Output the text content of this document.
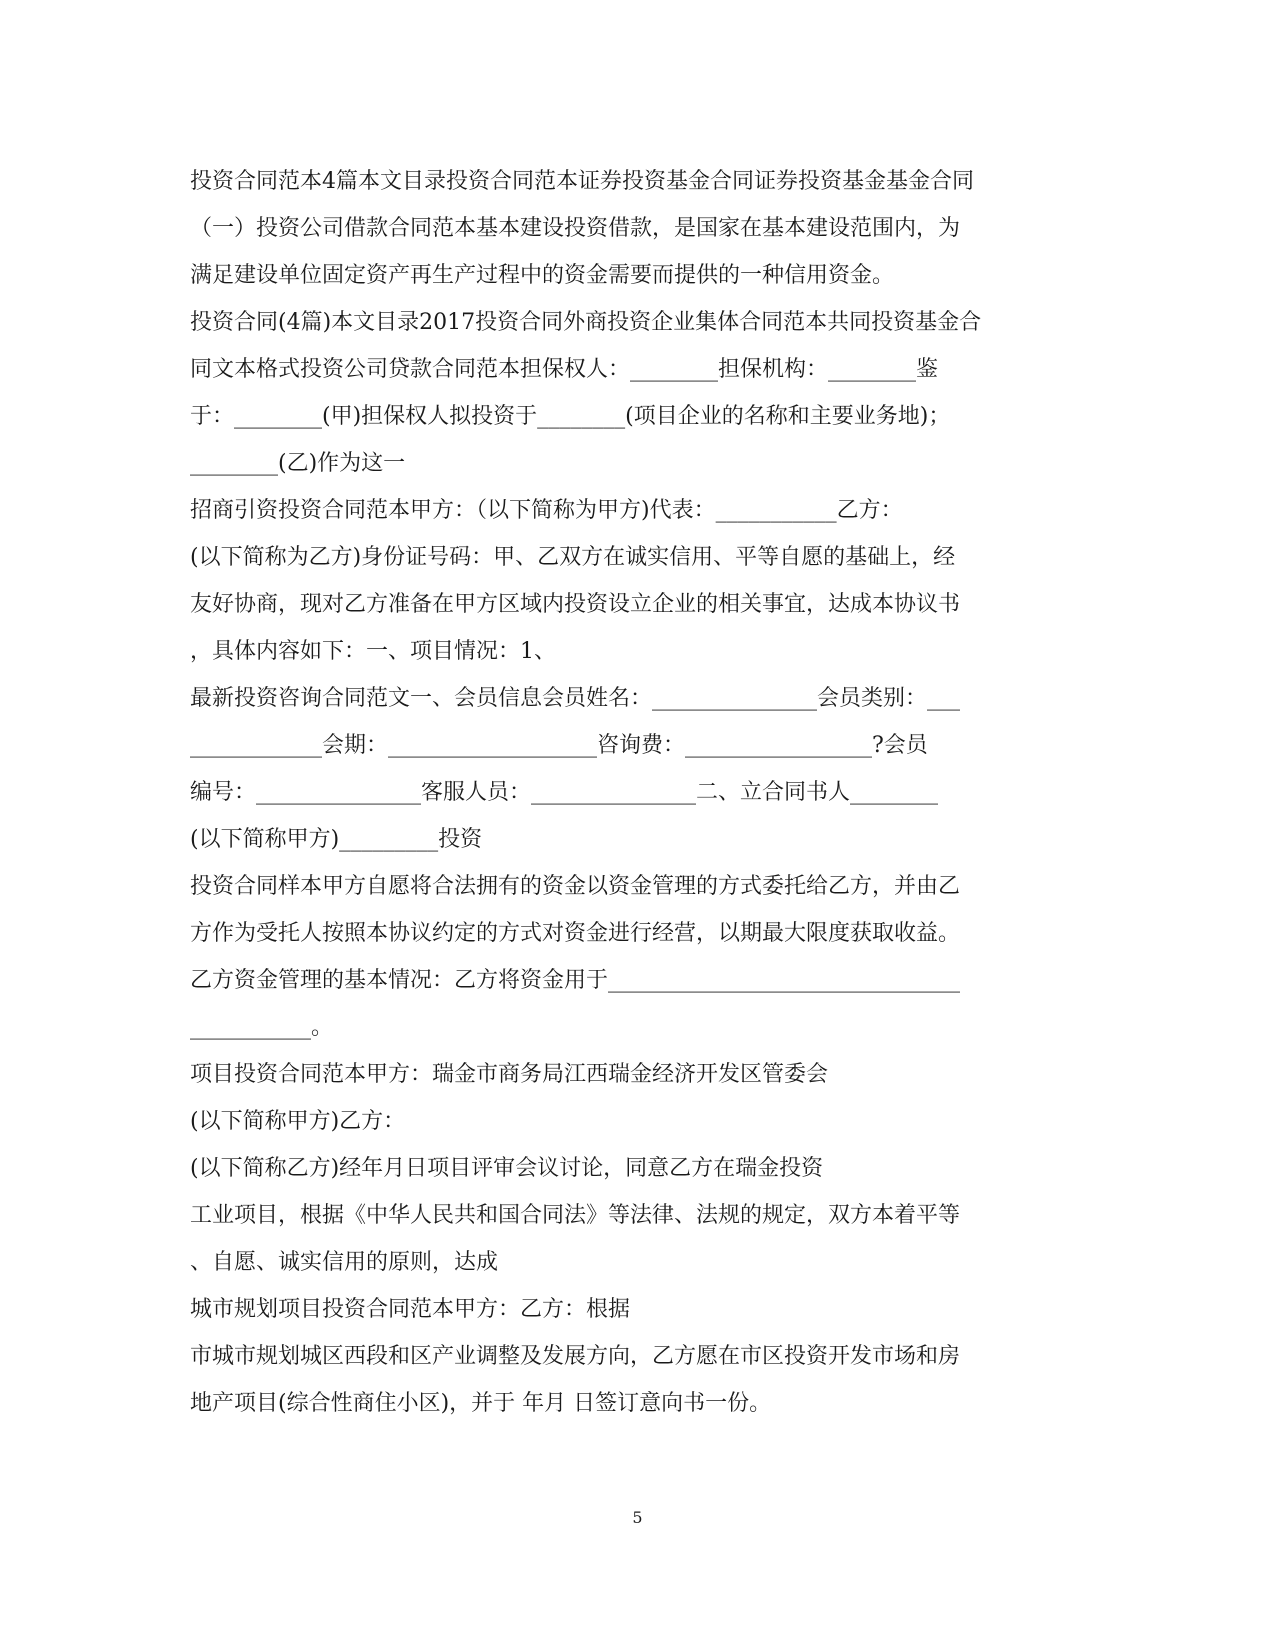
投资合同范本4篇本文目录投资合同范本证券投资基金合同证券投资基金基金合同
（一）投资公司借款合同范本基本建设投资借款，是国家在基本建设范围内，为
满足建设单位固定资产再生产过程中的资金需要而提供的一种信用资金。
投资合同(4篇)本文目录2017投资合同外商投资企业集体合同范本共同投资基金合
同文本格式投资公司贷款合同范本担保权人：________担保机构：________鉴
于：________(甲)担保权人拟投资于________(项目企业的名称和主要业务地)；
________(乙)作为这一
招商引资投资合同范本甲方：（以下简称为甲方)代表：___________乙方：
(以下简称为乙方)身份证号码：甲、乙双方在诚实信用、平等自愿的基础上，经
友好协商，现对乙方准备在甲方区域内投资设立企业的相关事宜，达成本协议书
，具体内容如下：一、项目情况：1、
最新投资咨询合同范文一、会员信息会员姓名：_______________会员类别：___
____________会期：___________________咨询费：_________________?会员
编号：_______________客服人员：_______________二、立合同书人________
(以下简称甲方)_________投资
投资合同样本甲方自愿将合法拥有的资金以资金管理的方式委托给乙方，并由乙
方作为受托人按照本协议约定的方式对资金进行经营，以期最大限度获取收益。
乙方资金管理的基本情况：乙方将资金用于________________________________
___________。
项目投资合同范本甲方：瑞金市商务局江西瑞金经济开发区管委会
(以下简称甲方)乙方：
(以下简称乙方)经年月日项目评审会议讨论，同意乙方在瑞金投资
工业项目，根据《中华人民共和国合同法》等法律、法规的规定，双方本着平等
、自愿、诚实信用的原则，达成
城市规划项目投资合同范本甲方：乙方：根据
市城市规划城区西段和区产业调整及发展方向，乙方愿在市区投资开发市场和房
地产项目(综合性商住小区)，并于 年月 日签订意向书一份。
5
